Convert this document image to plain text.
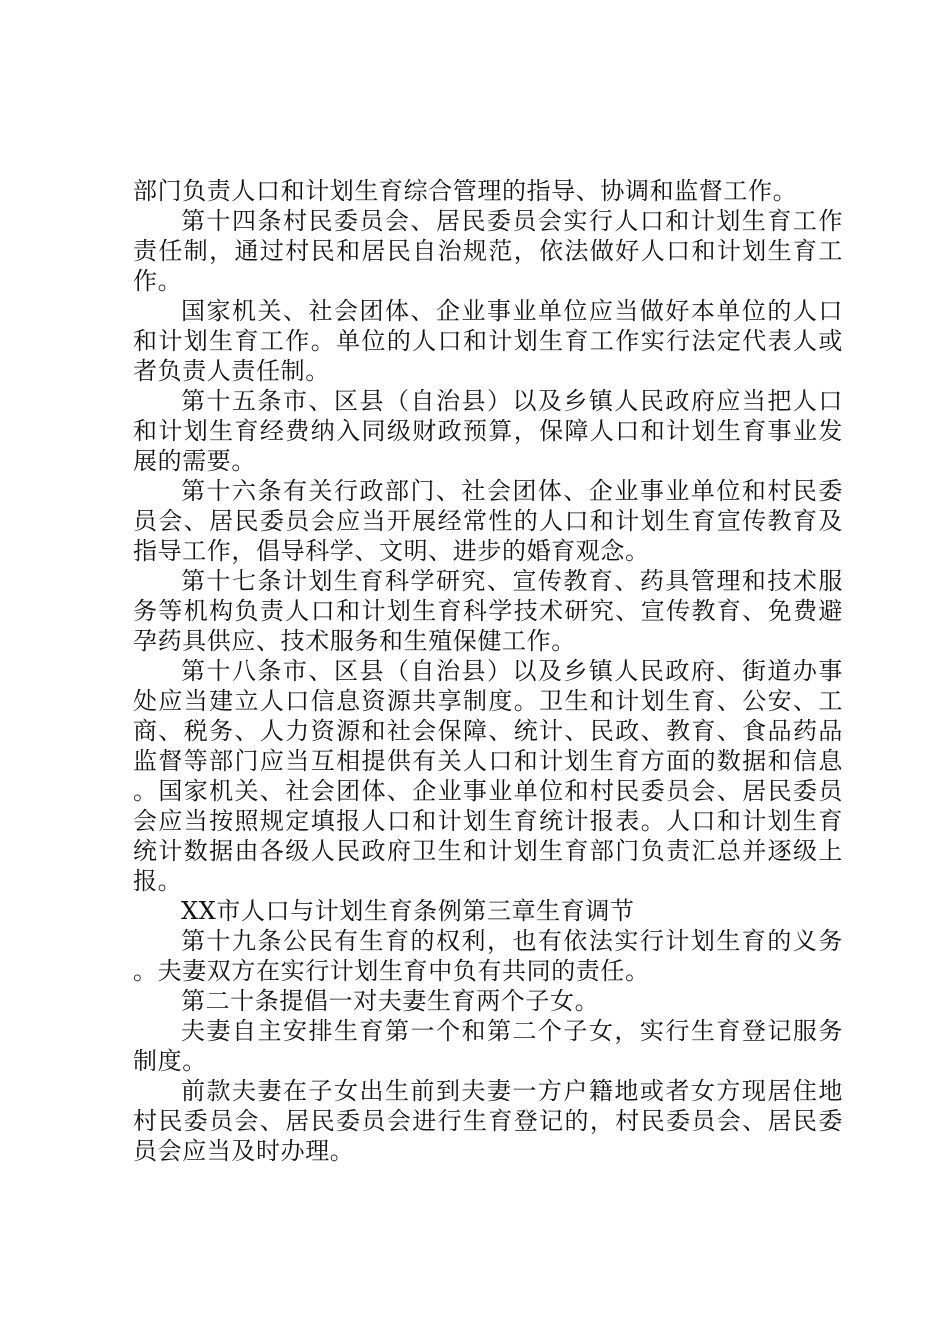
部门负责人口和计划生育综合管理的指导、协调和监督工作。

第十四条村民委员会、居民委员会实行人口和计划生育工作责任制，通过村民和居民自治规范，依法做好人口和计划生育工作。

国家机关、社会团体、企业事业单位应当做好本单位的人口和计划生育工作。单位的人口和计划生育工作实行法定代表人或者负责人责任制。

第十五条市、区县（自治县）以及乡镇人民政府应当把人口和计划生育经费纳入同级财政预算，保障人口和计划生育事业发展的需要。

第十六条有关行政部门、社会团体、企业事业单位和村民委员会、居民委员会应当开展经常性的人口和计划生育宣传教育及指导工作，倡导科学、文明、进步的婚育观念。

第十七条计划生育科学研究、宣传教育、药具管理和技术服务等机构负责人口和计划生育科学技术研究、宣传教育、免费避孕药具供应、技术服务和生殖保健工作。

第十八条市、区县（自治县）以及乡镇人民政府、街道办事处应当建立人口信息资源共享制度。卫生和计划生育、公安、工商、税务、人力资源和社会保障、统计、民政、教育、食品药品监督等部门应当互相提供有关人口和计划生育方面的数据和信息。国家机关、社会团体、企业事业单位和村民委员会、居民委员会应当按照规定填报人口和计划生育统计报表。人口和计划生育统计数据由各级人民政府卫生和计划生育部门负责汇总并逐级上报。

XX市人口与计划生育条例第三章生育调节

第十九条公民有生育的权利，也有依法实行计划生育的义务。夫妻双方在实行计划生育中负有共同的责任。

第二十条提倡一对夫妻生育两个子女。

夫妻自主安排生育第一个和第二个子女，实行生育登记服务制度。

前款夫妻在子女出生前到夫妻一方户籍地或者女方现居住地村民委员会、居民委员会进行生育登记的，村民委员会、居民委员会应当及时办理。
